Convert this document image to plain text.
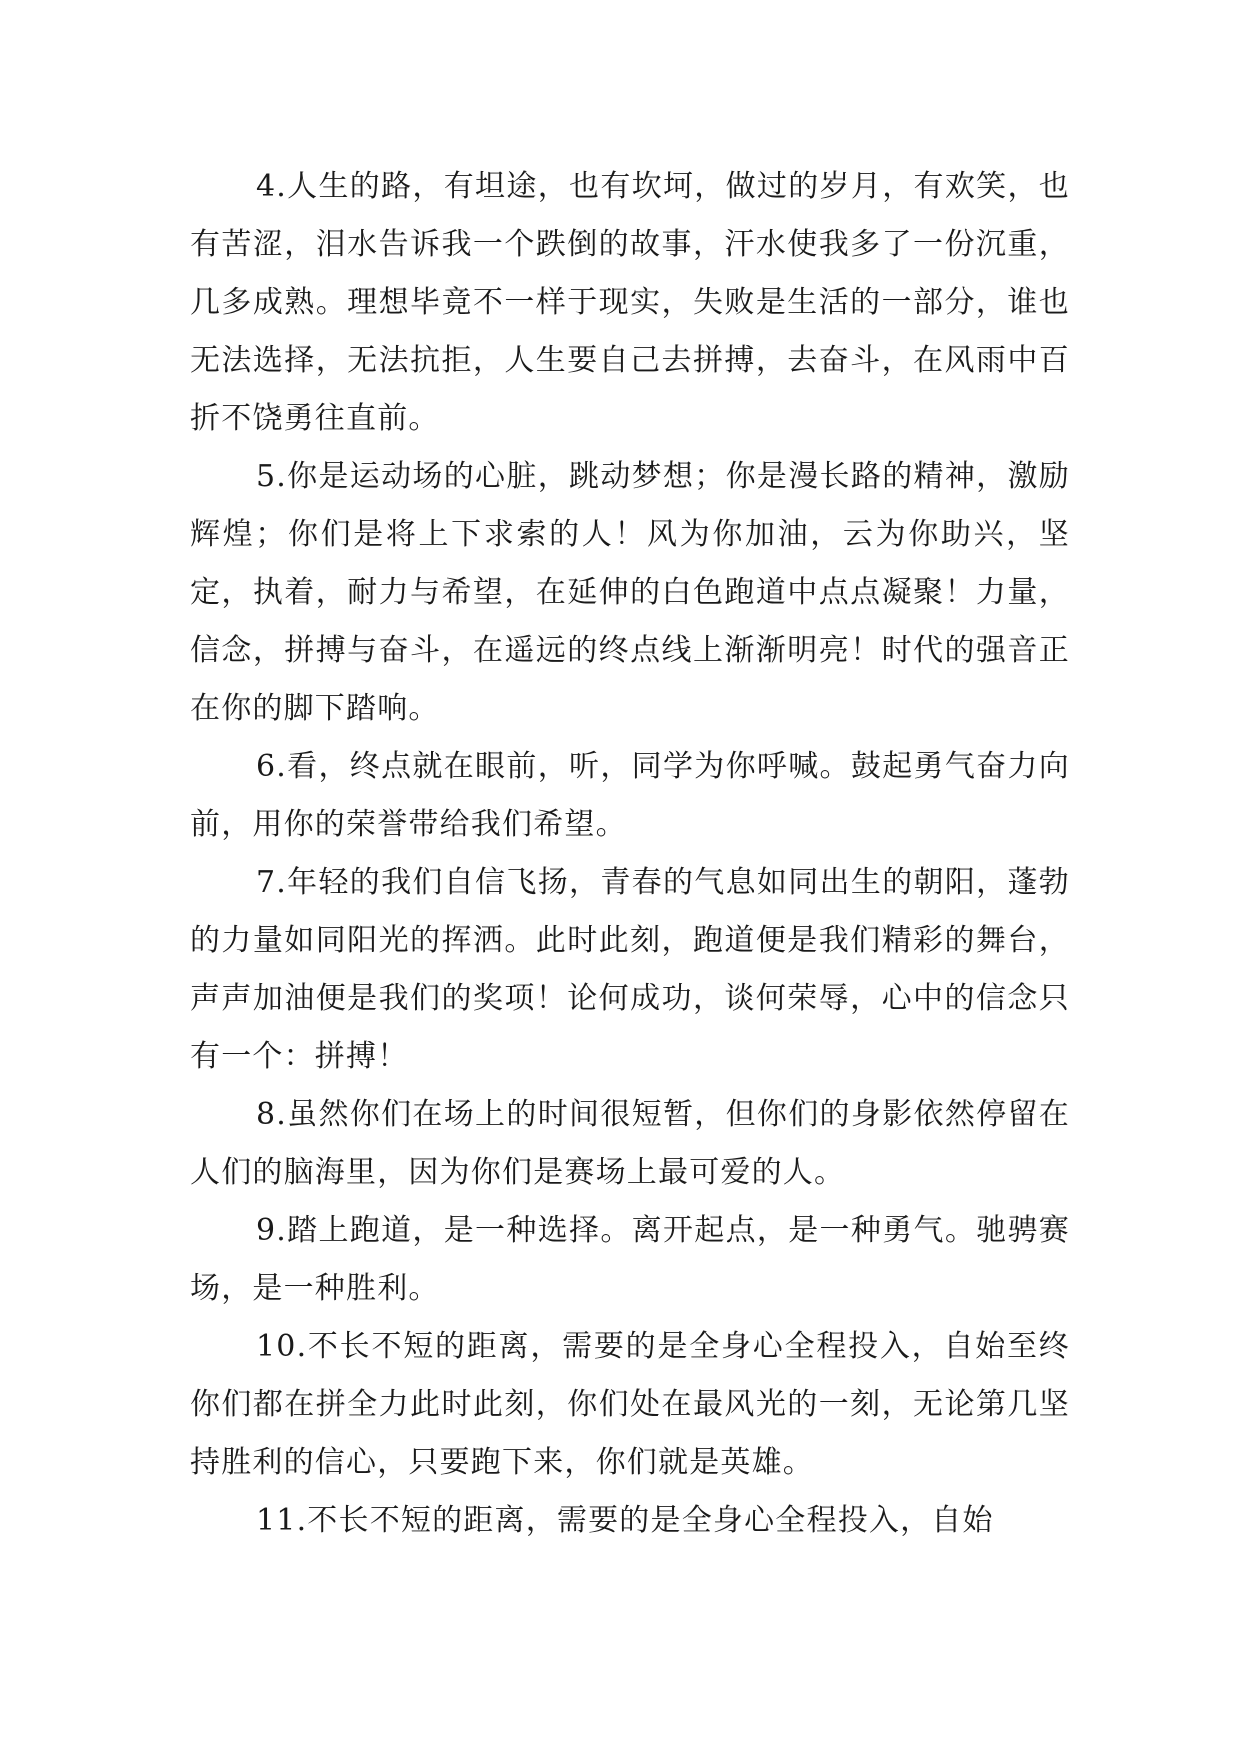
4.人生的路，有坦途，也有坎坷，做过的岁月，有欢笑，也有苦涩，泪水告诉我一个跌倒的故事，汗水使我多了一份沉重，几多成熟。理想毕竟不一样于现实，失败是生活的一部分，谁也无法选择，无法抗拒，人生要自己去拼搏，去奋斗，在风雨中百折不饶勇往直前。

5.你是运动场的心脏，跳动梦想；你是漫长路的精神，激励辉煌；你们是将上下求索的人！风为你加油，云为你助兴，坚定，执着，耐力与希望，在延伸的白色跑道中点点凝聚！力量，信念，拼搏与奋斗，在遥远的终点线上渐渐明亮！时代的强音正在你的脚下踏响。

6.看，终点就在眼前，听，同学为你呼喊。鼓起勇气奋力向前，用你的荣誉带给我们希望。

7.年轻的我们自信飞扬，青春的气息如同出生的朝阳，蓬勃的力量如同阳光的挥洒。此时此刻，跑道便是我们精彩的舞台，声声加油便是我们的奖项！论何成功，谈何荣辱，心中的信念只有一个：拼搏！

8.虽然你们在场上的时间很短暂，但你们的身影依然停留在人们的脑海里，因为你们是赛场上最可爱的人。

9.踏上跑道，是一种选择。离开起点，是一种勇气。驰骋赛场，是一种胜利。

10.不长不短的距离，需要的是全身心全程投入，自始至终你们都在拼全力此时此刻，你们处在最风光的一刻，无论第几坚持胜利的信心，只要跑下来，你们就是英雄。

11.不长不短的距离，需要的是全身心全程投入，自始
